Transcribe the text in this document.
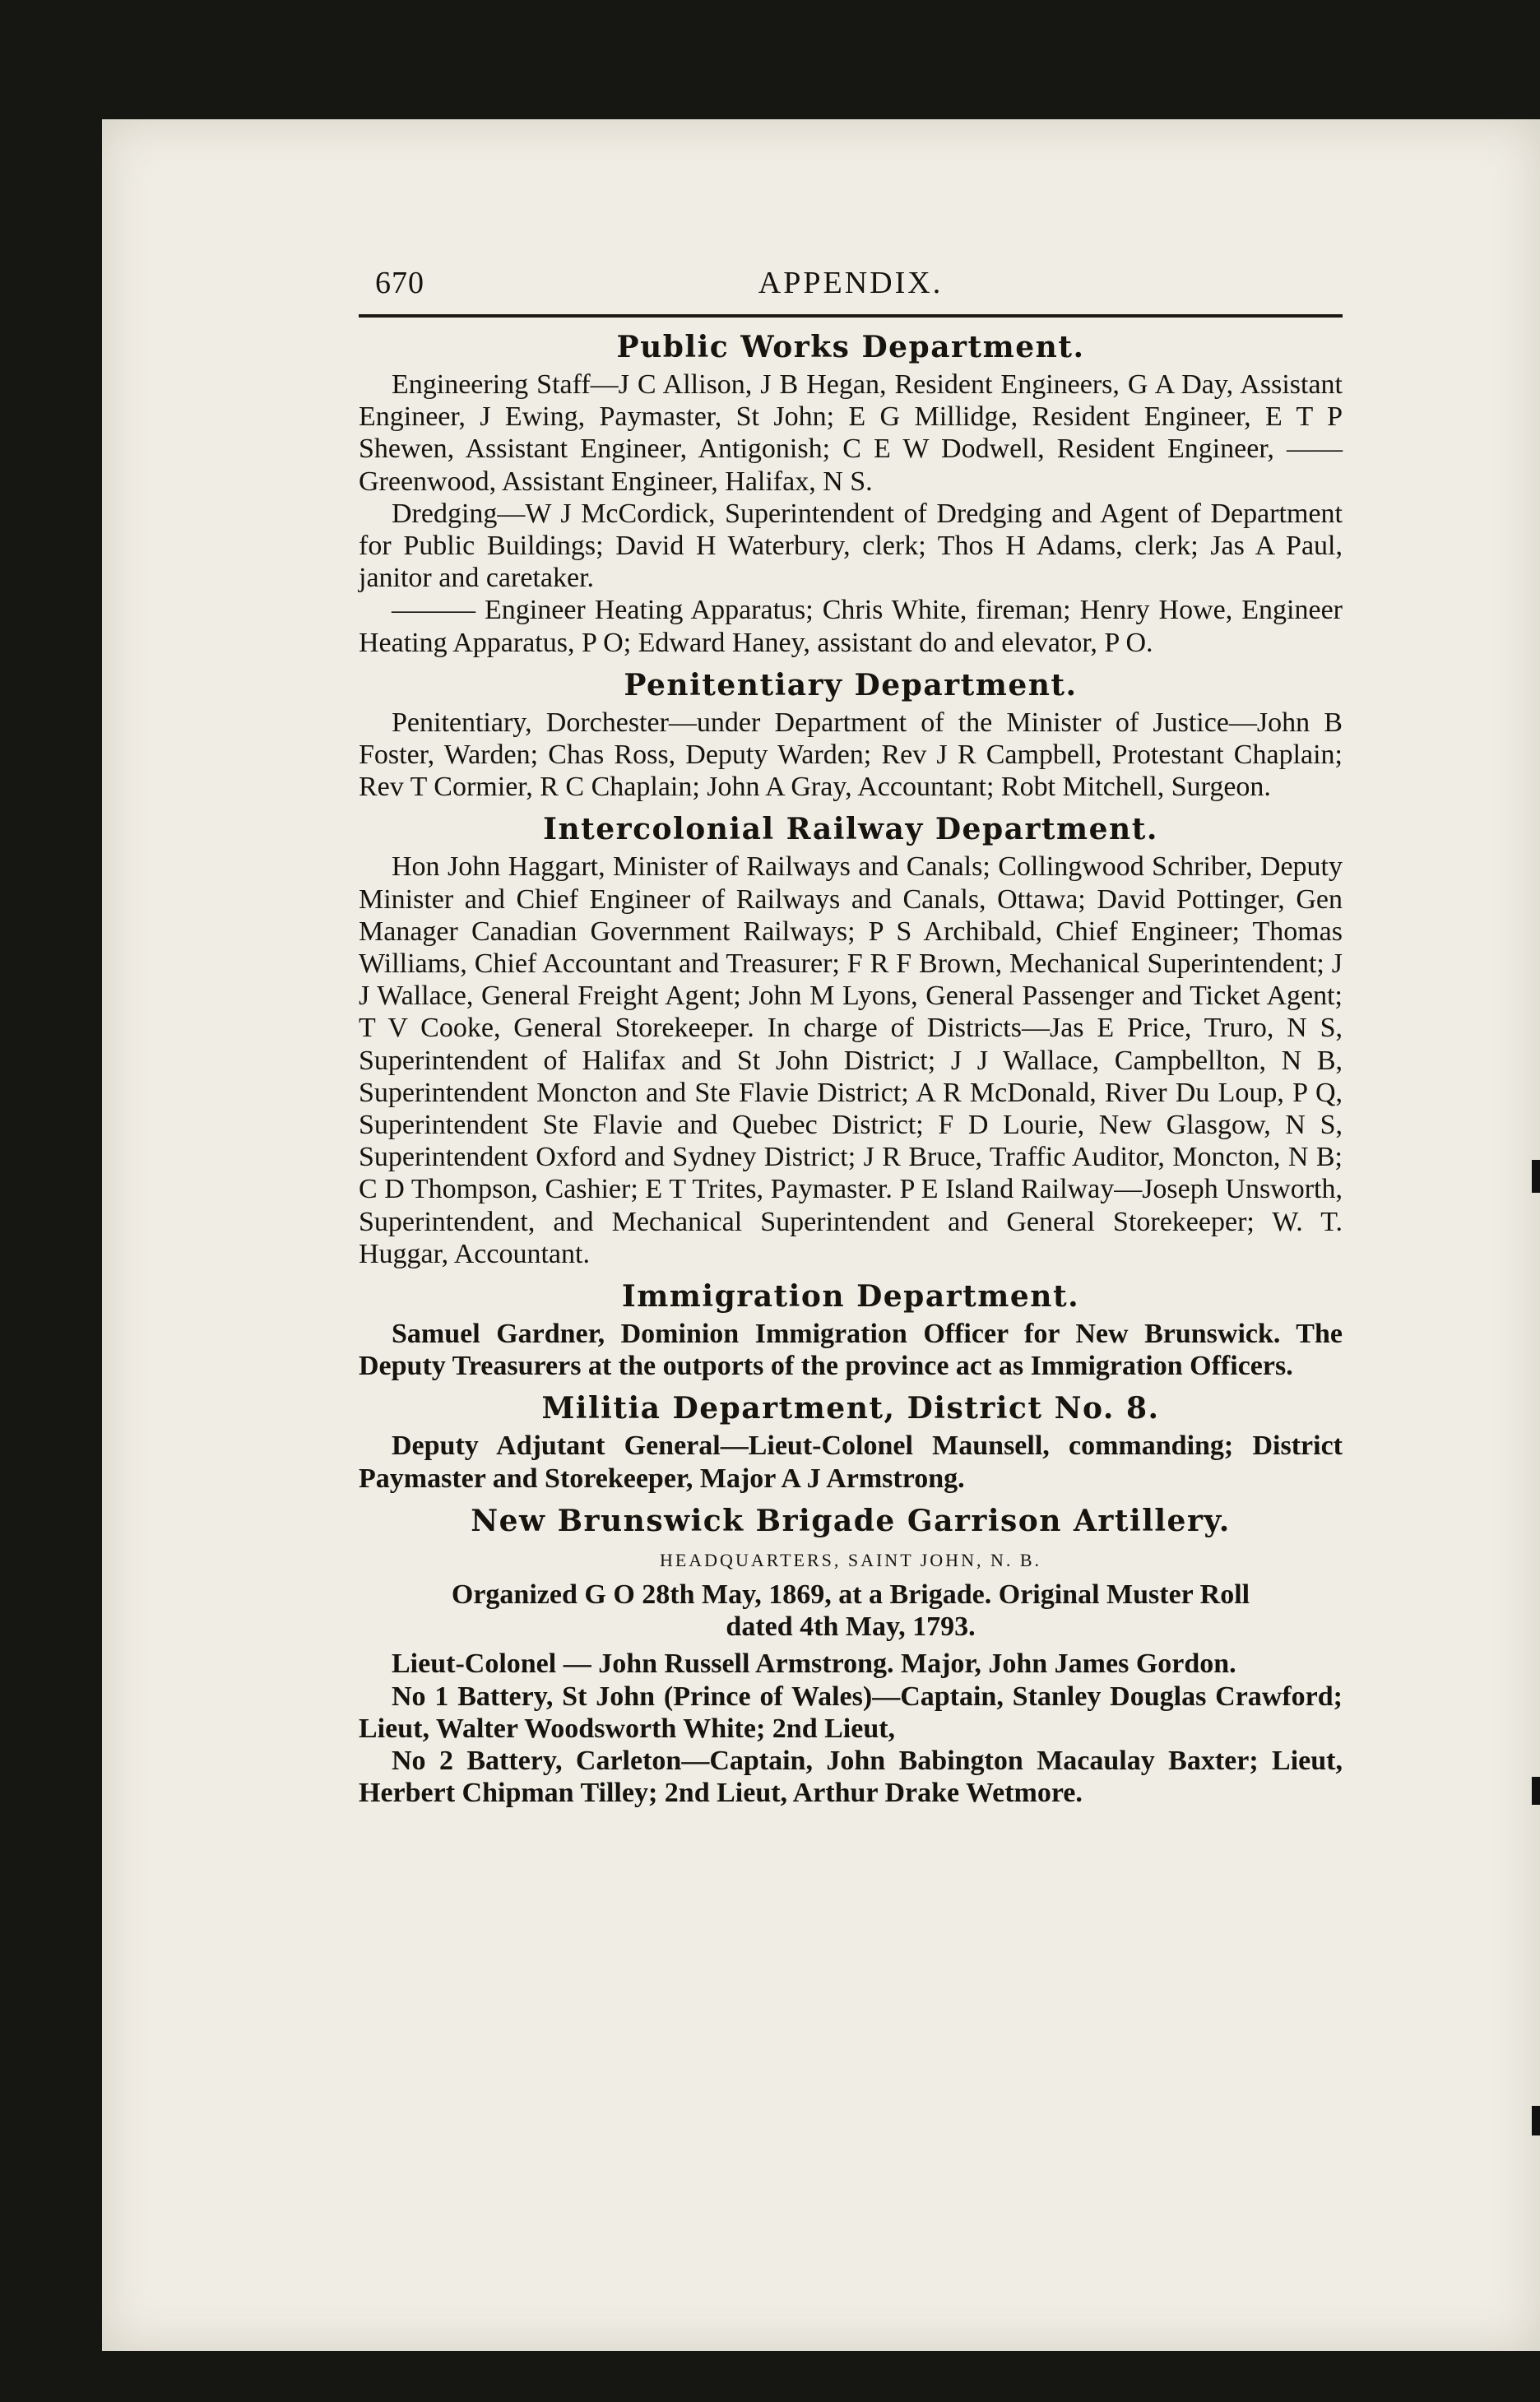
670	APPENDIX.
Public Works Department.

Engineering Staff—J C Allison, J B Hegan, Resident Engineers, G A Day, Assistant Engineer, J Ewing, Paymaster, St John; E G Millidge, Resident Engineer, E T P Shewen, Assistant Engineer, Antigonish; C E W Dodwell, Resident Engineer, —— Greenwood, Assistant Engineer, Halifax, N S.

Dredging—W J McCordick, Superintendent of Dredging and Agent of Department for Public Buildings; David H Waterbury, clerk; Thos H Adams, clerk; Jas A Paul, janitor and caretaker.

——— Engineer Heating Apparatus; Chris White, fireman; Henry Howe, Engineer Heating Apparatus, P O; Edward Haney, assistant do and elevator, P O.

Penitentiary Department.

Penitentiary, Dorchester—under Department of the Minister of Justice—John B Foster, Warden; Chas Ross, Deputy Warden; Rev J R Campbell, Protestant Chaplain; Rev T Cormier, R C Chaplain; John A Gray, Accountant; Robt Mitchell, Surgeon.

Intercolonial Railway Department.

Hon John Haggart, Minister of Railways and Canals; Collingwood Schriber, Deputy Minister and Chief Engineer of Railways and Canals, Ottawa; David Pottinger, Gen Manager Canadian Government Railways; P S Archibald, Chief Engineer; Thomas Williams, Chief Accountant and Treasurer; F R F Brown, Mechanical Superintendent; J J Wallace, General Freight Agent; John M Lyons, General Passenger and Ticket Agent; T V Cooke, General Storekeeper. In charge of Districts—Jas E Price, Truro, N S, Superintendent of Halifax and St John District; J J Wallace, Campbellton, N B, Superintendent Moncton and Ste Flavie District; A R McDonald, River Du Loup, P Q, Superintendent Ste Flavie and Quebec District; F D Lourie, New Glasgow, N S, Superintendent Oxford and Sydney District; J R Bruce, Traffic Auditor, Moncton, N B; C D Thompson, Cashier; E T Trites, Paymaster. P E Island Railway—Joseph Unsworth, Superintendent, and Mechanical Superintendent and General Storekeeper; W. T. Huggar, Accountant.

Immigration Department.

Samuel Gardner, Dominion Immigration Officer for New Brunswick. The Deputy Treasurers at the outports of the province act as Immigration Officers.

Militia Department, District No. 8.

Deputy Adjutant General—Lieut-Colonel Maunsell, commanding; District Paymaster and Storekeeper, Major A J Armstrong.

New Brunswick Brigade Garrison Artillery.
HEADQUARTERS, SAINT JOHN, N. B.

Organized G O 28th May, 1869, at a Brigade. Original Muster Roll

dated 4th May, 1793.

Lieut-Colonel — John Russell Armstrong. Major, John James Gordon.

No 1 Battery, St John (Prince of Wales)—Captain, Stanley Douglas Crawford; Lieut, Walter Woodsworth White; 2nd Lieut,

No 2 Battery, Carleton—Captain, John Babington Macaulay Baxter; Lieut, Herbert Chipman Tilley; 2nd Lieut, Arthur Drake Wetmore.
